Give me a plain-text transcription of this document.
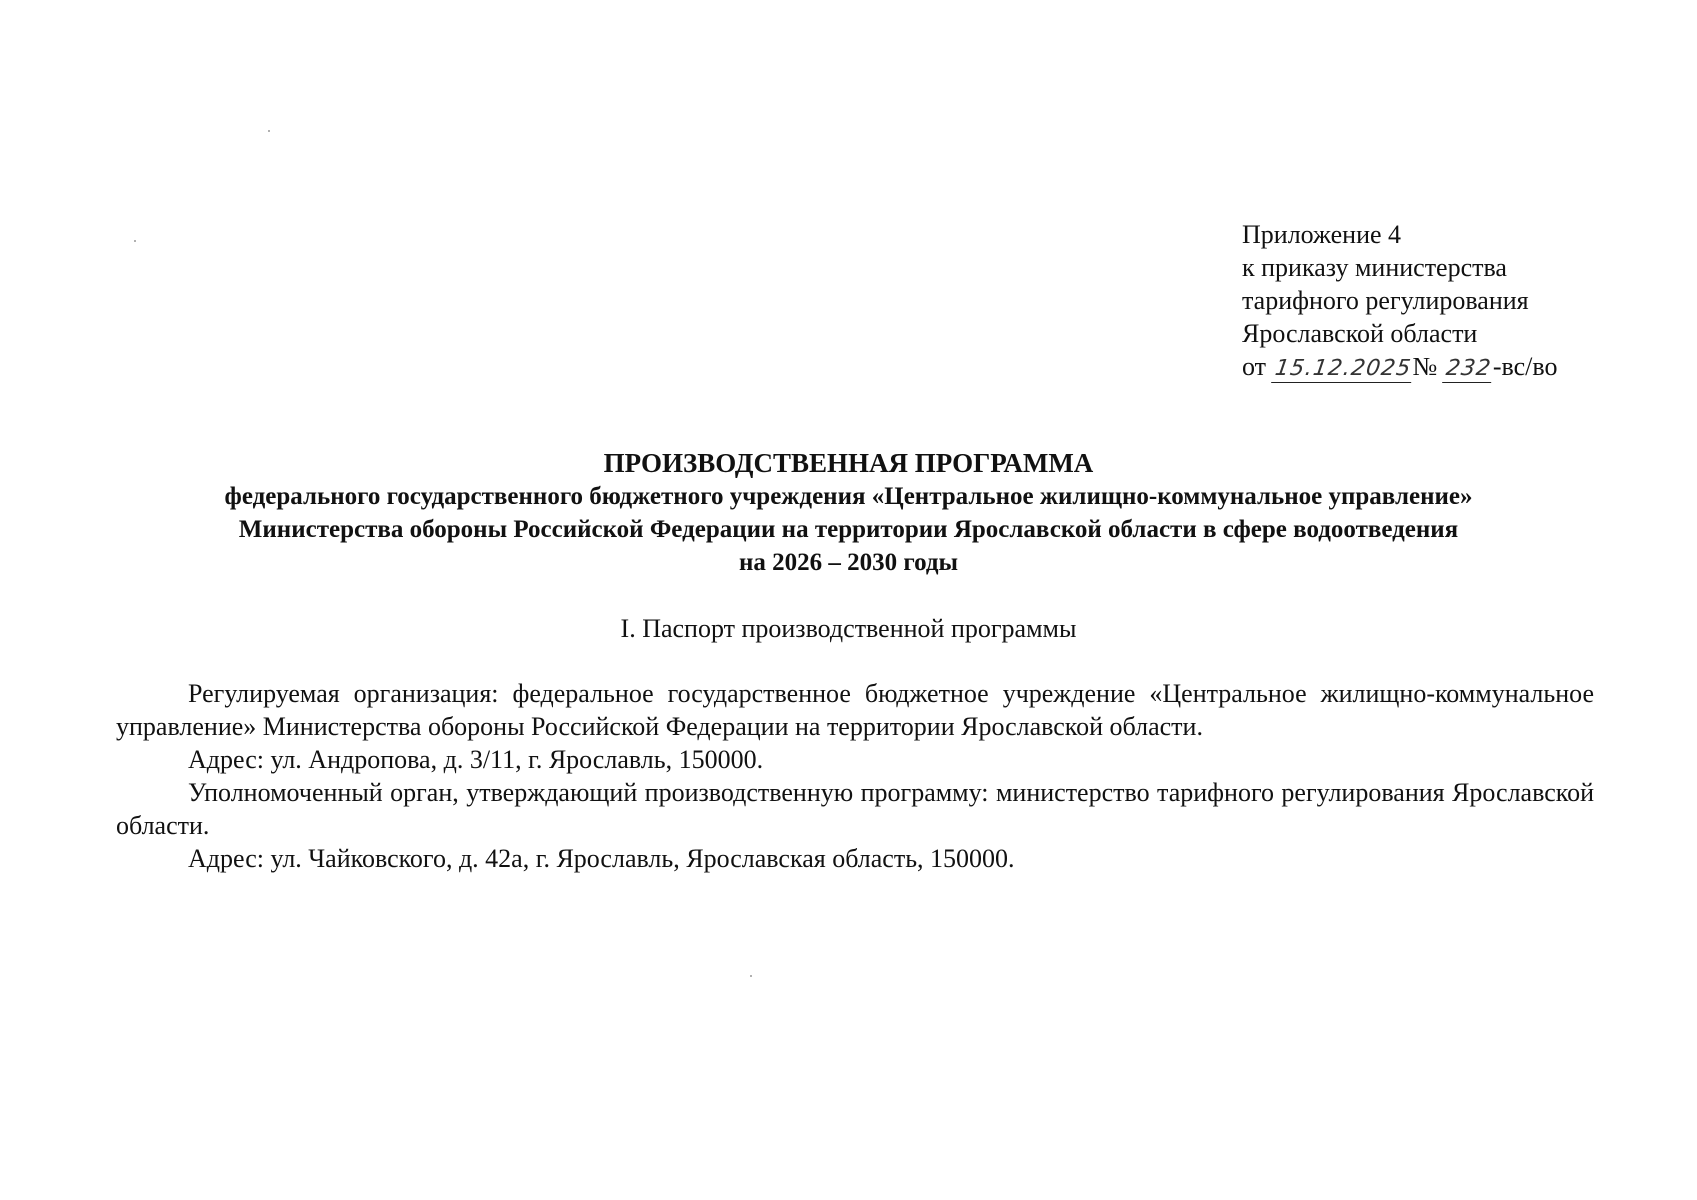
Приложение 4
к приказу министерства
тарифного регулирования
Ярославской области
от 15.12.2025№ 232-вс/во
ПРОИЗВОДСТВЕННАЯ ПРОГРАММА
федерального государственного бюджетного учреждения «Центральное жилищно-коммунальное управление»
Министерства обороны Российской Федерации на территории Ярославской области в сфере водоотведения
на 2026 – 2030 годы
I. Паспорт производственной программы

Регулируемая организация: федеральное государственное бюджетное учреждение «Центральное жилищно-коммунальное управление» Министерства обороны Российской Федерации на территории Ярославской области.

Адрес: ул. Андропова, д. 3/11, г. Ярославль, 150000.

Уполномоченный орган, утверждающий производственную программу: министерство тарифного регулирования Ярославской области.

Адрес: ул. Чайковского, д. 42а, г. Ярославль, Ярославская область, 150000.
